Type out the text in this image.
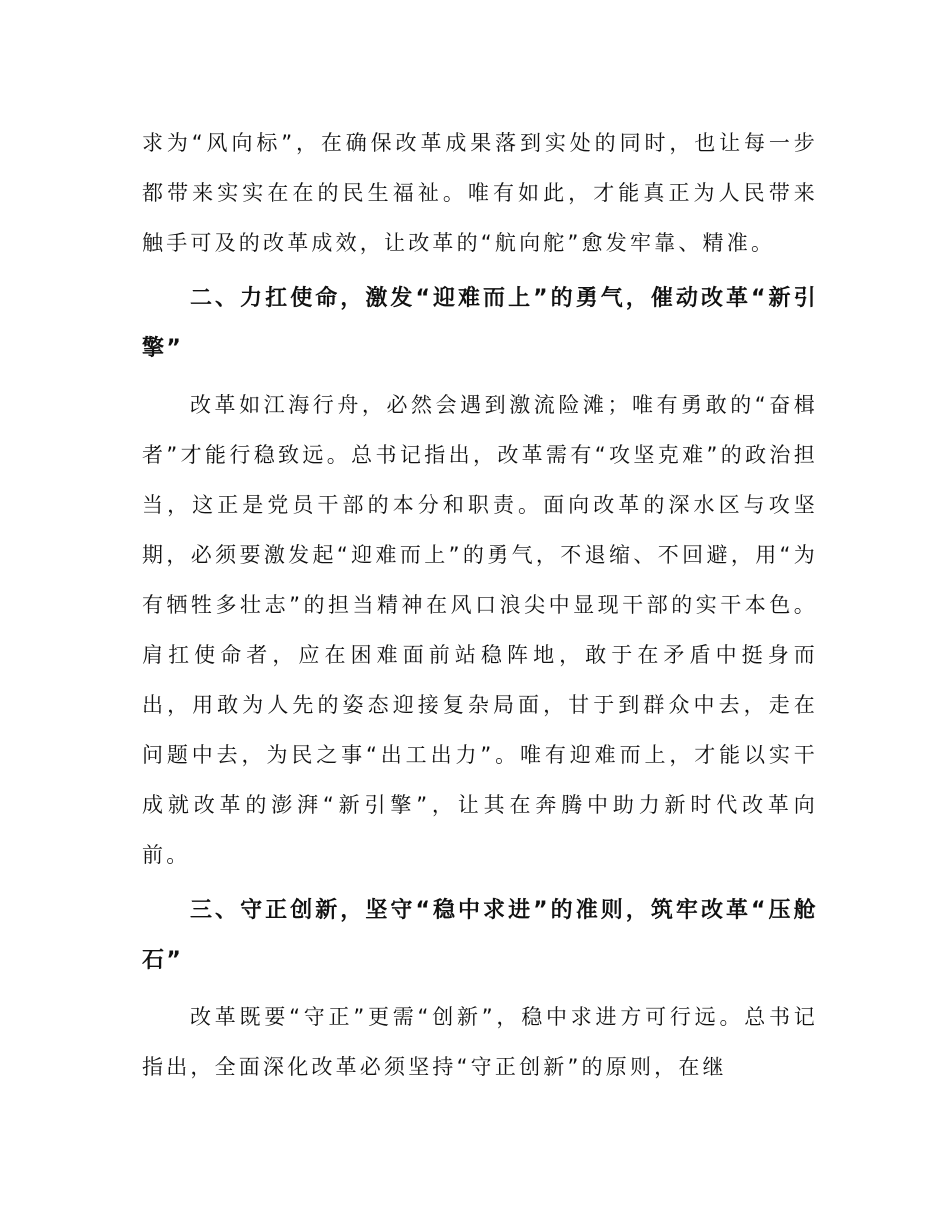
求为“风向标”，在确保改革成果落到实处的同时，也让每一步都带来实实在在的民生福祉。唯有如此，才能真正为人民带来触手可及的改革成效，让改革的“航向舵”愈发牢靠、精准。

二、力扛使命，激发“迎难而上”的勇气，催动改革“新引擎”

改革如江海行舟，必然会遇到激流险滩；唯有勇敢的“奋楫者”才能行稳致远。总书记指出，改革需有“攻坚克难”的政治担当，这正是党员干部的本分和职责。面向改革的深水区与攻坚期，必须要激发起“迎难而上”的勇气，不退缩、不回避，用“为有牺牲多壮志”的担当精神在风口浪尖中显现干部的实干本色。肩扛使命者，应在困难面前站稳阵地，敢于在矛盾中挺身而出，用敢为人先的姿态迎接复杂局面，甘于到群众中去，走在问题中去，为民之事“出工出力”。唯有迎难而上，才能以实干成就改革的澎湃“新引擎”，让其在奔腾中助力新时代改革向前。

三、守正创新，坚守“稳中求进”的准则，筑牢改革“压舱石”

改革既要“守正”更需“创新”，稳中求进方可行远。总书记指出，全面深化改革必须坚持“守正创新”的原则，在继
